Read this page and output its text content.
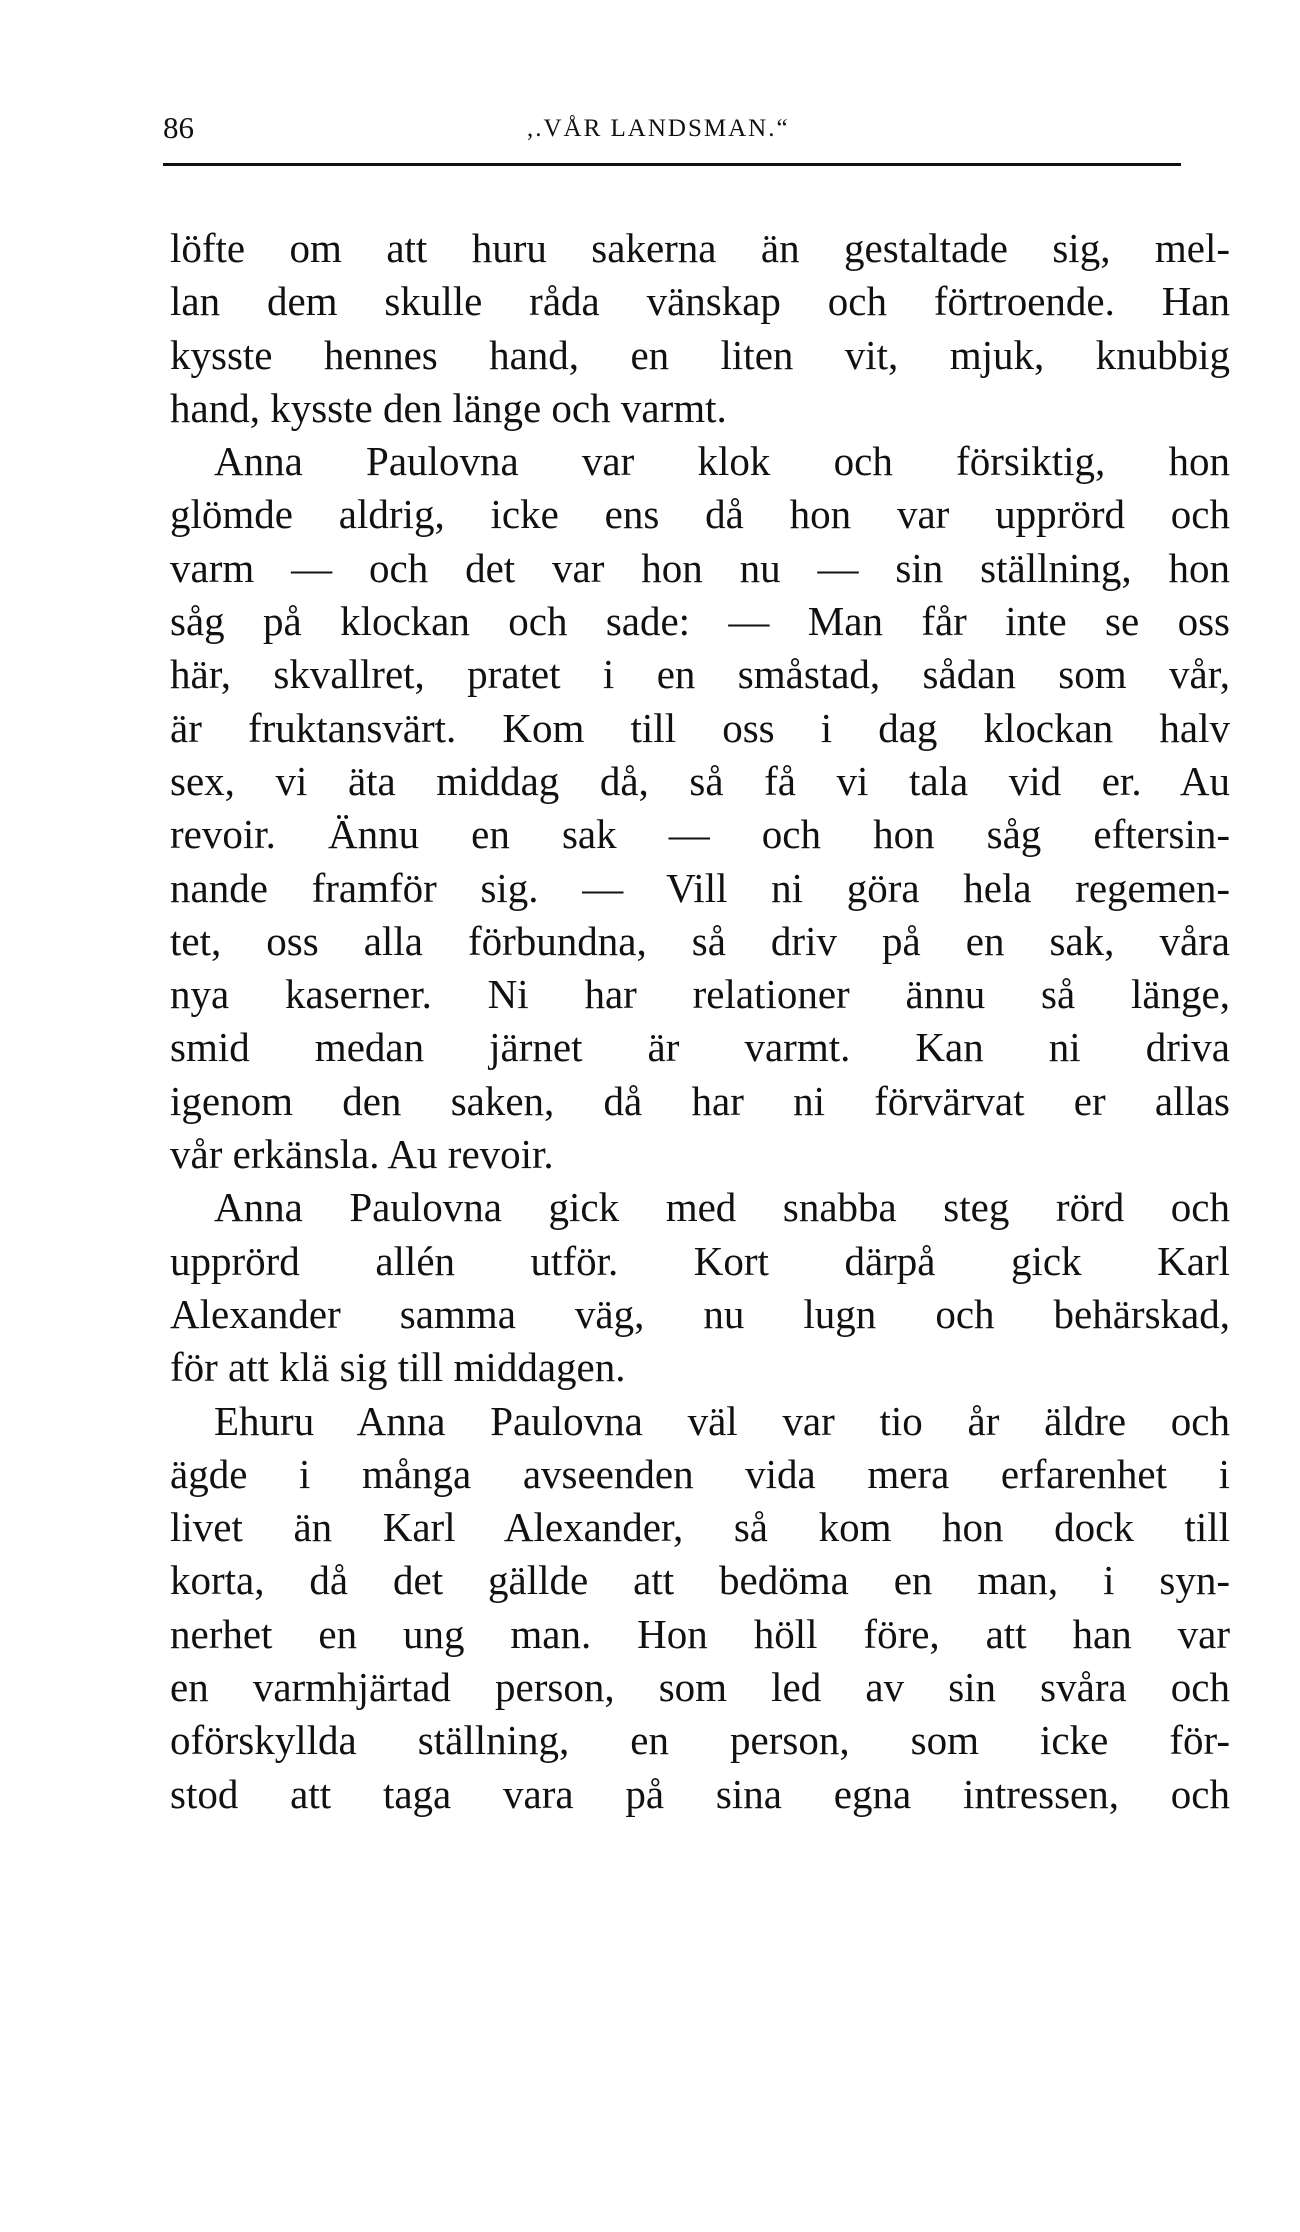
86	,.VÅR LANDSMAN.“
löfte om att huru sakerna än gestaltade sig, mel-
lan dem skulle råda vänskap och förtroende. Han
kysste hennes hand, en liten vit, mjuk, knubbig
hand, kysste den länge och varmt.
Anna Paulovna var klok och försiktig, hon
glömde aldrig, icke ens då hon var upprörd och
varm — och det var hon nu — sin ställning, hon
såg på klockan och sade: — Man får inte se oss
här, skvallret, pratet i en småstad, sådan som vår,
är fruktansvärt. Kom till oss i dag klockan halv
sex, vi äta middag då, så få vi tala vid er. Au
revoir. Ännu en sak — och hon såg eftersin-
nande framför sig. — Vill ni göra hela regemen-
tet, oss alla förbundna, så driv på en sak, våra
nya kaserner. Ni har relationer ännu så länge,
smid medan järnet är varmt. Kan ni driva
igenom den saken, då har ni förvärvat er allas
vår erkänsla. Au revoir.
Anna Paulovna gick med snabba steg rörd och
upprörd allén utför. Kort därpå gick Karl
Alexander samma väg, nu lugn och behärskad,
för att klä sig till middagen.
Ehuru Anna Paulovna väl var tio år äldre och
ägde i många avseenden vida mera erfarenhet i
livet än Karl Alexander, så kom hon dock till
korta, då det gällde att bedöma en man, i syn-
nerhet en ung man. Hon höll före, att han var
en varmhjärtad person, som led av sin svåra och
oförskyllda ställning, en person, som icke för-
stod att taga vara på sina egna intressen, och
